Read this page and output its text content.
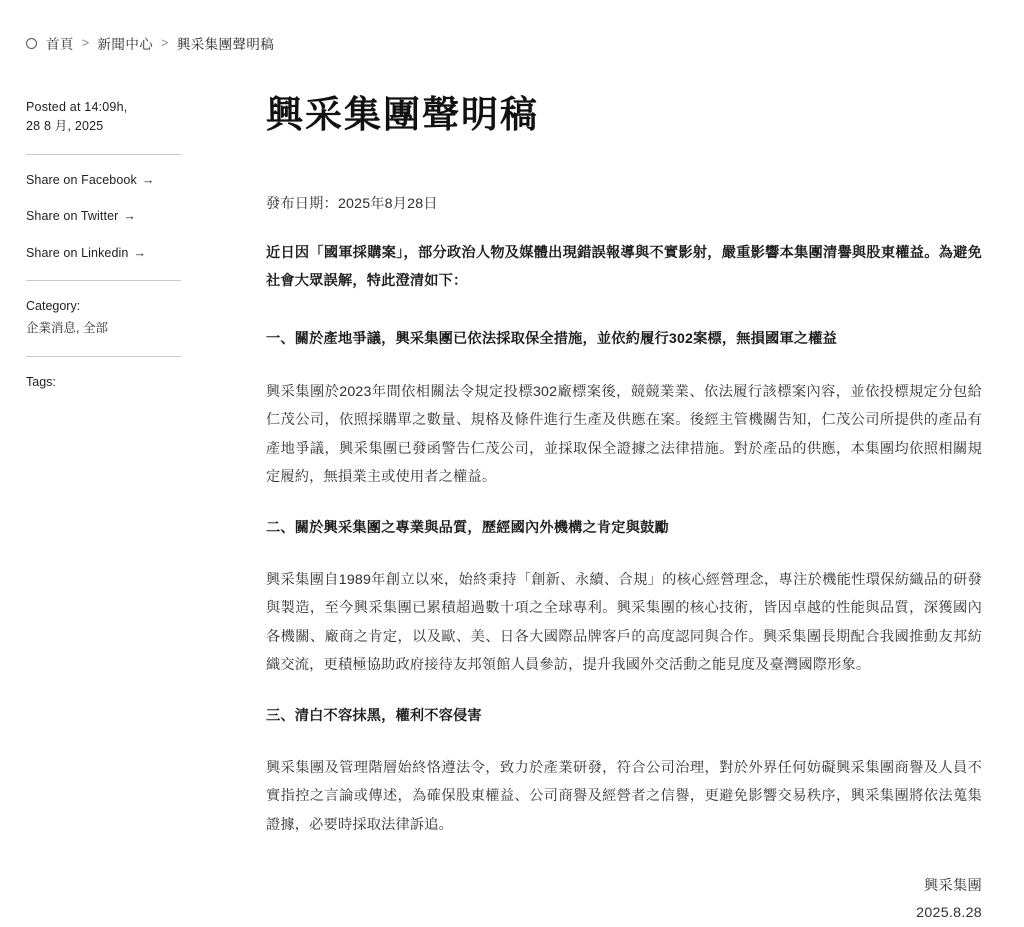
首頁 > 新聞中心 > 興采集團聲明稿
Posted at 14:09h,
28 8 月, 2025
Share on Facebook →
Share on Twitter →
Share on Linkedin →
Category:
企業消息, 全部
Tags:
興采集團聲明稿

發布日期：2025年8月28日

近日因「國軍採購案」，部分政治人物及媒體出現錯誤報導與不實影射，嚴重影響本集團清譽與股東權益。為避免社會大眾誤解，特此澄清如下：

一、關於產地爭議，興采集團已依法採取保全措施，並依約履行302案標，無損國軍之權益

興采集團於2023年間依相關法令規定投標302廠標案後，競競業業、依法履行該標案內容，並依投標規定分包給仁茂公司，依照採購單之數量、規格及條件進行生產及供應在案。後經主管機關告知，仁茂公司所提供的產品有產地爭議，興采集團已發函警告仁茂公司，並採取保全證據之法律措施。對於產品的供應，本集團均依照相關規定履約，無損業主或使用者之權益。

二、關於興采集團之專業與品質，歷經國內外機構之肯定與鼓勵

興采集團自1989年創立以來，始終秉持「創新、永續、合規」的核心經營理念，專注於機能性環保紡織品的研發與製造，至今興采集團已累積超過數十項之全球專利。興采集團的核心技術，皆因卓越的性能與品質，深獲國內各機關、廠商之肯定，以及歐、美、日各大國際品牌客戶的高度認同與合作。興采集團長期配合我國推動友邦紡織交流，更積極協助政府接待友邦領館人員參訪，提升我國外交活動之能見度及臺灣國際形象。

三、清白不容抹黑，權利不容侵害

興采集團及管理階層始終恪遵法令，致力於產業研發，符合公司治理，對於外界任何妨礙興采集團商譽及人員不實指控之言論或傳述，為確保股東權益、公司商譽及經營者之信譽，更避免影響交易秩序，興采集團將依法蒐集證據，必要時採取法律訴追。

興采集團
2025.8.28
